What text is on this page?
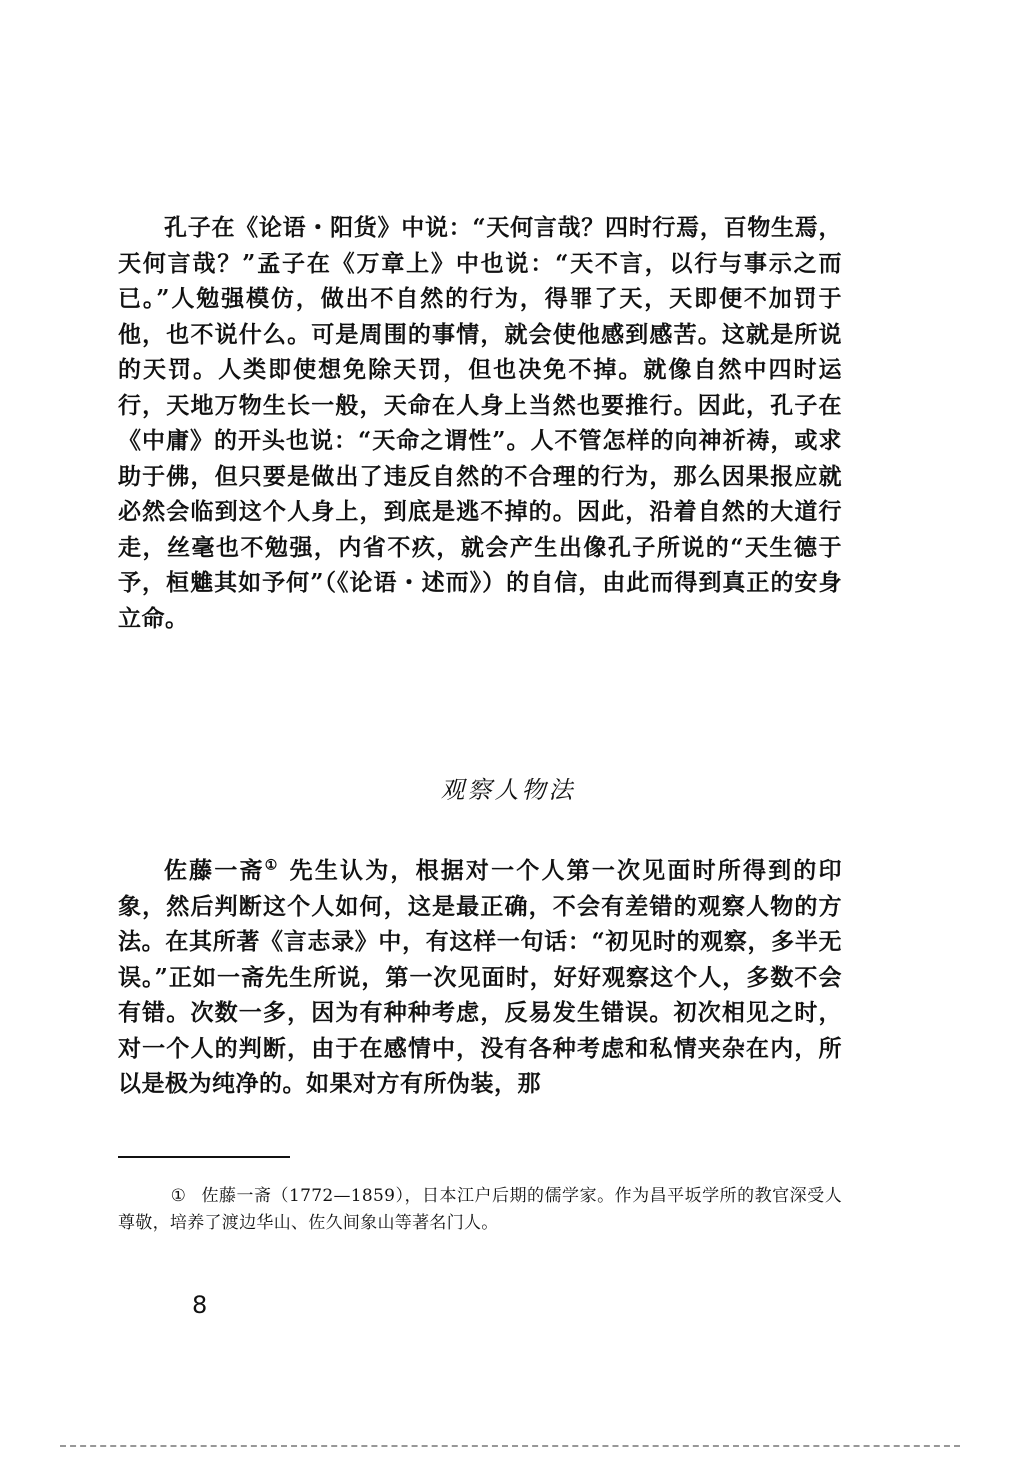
孔子在《论语・阳货》中说：“天何言哉？四时行焉，百物生焉，天何言哉？”孟子在《万章上》中也说：“天不言，以行与事示之而已。”人勉强模仿，做出不自然的行为，得罪了天，天即便不加罚于他，也不说什么。可是周围的事情，就会使他感到感苦。这就是所说的天罚。人类即使想免除天罚，但也决免不掉。就像自然中四时运行，天地万物生长一般，天命在人身上当然也要推行。因此，孔子在《中庸》的开头也说：“天命之谓性”。人不管怎样的向神祈祷，或求助于佛，但只要是做出了违反自然的不合理的行为，那么因果报应就必然会临到这个人身上，到底是逃不掉的。因此，沿着自然的大道行走，丝毫也不勉强，内省不疚，就会产生出像孔子所说的“天生德于予，桓魋其如予何”（《论语・述而》）的自信，由此而得到真正的安身立命。

观察人物法

佐藤一斋① 先生认为，根据对一个人第一次见面时所得到的印象，然后判断这个人如何，这是最正确，不会有差错的观察人物的方法。在其所著《言志录》中，有这样一句话：“初见时的观察，多半无误。”正如一斋先生所说，第一次见面时，好好观察这个人，多数不会有错。次数一多，因为有种种考虑，反易发生错误。初次相见之时，对一个人的判断，由于在感情中，没有各种考虑和私情夹杂在内，所以是极为纯净的。如果对方有所伪装，那

① 佐藤一斋（1772—1859），日本江户后期的儒学家。作为昌平坂学所的教官深受人尊敬，培养了渡边华山、佐久间象山等著名门人。
8
